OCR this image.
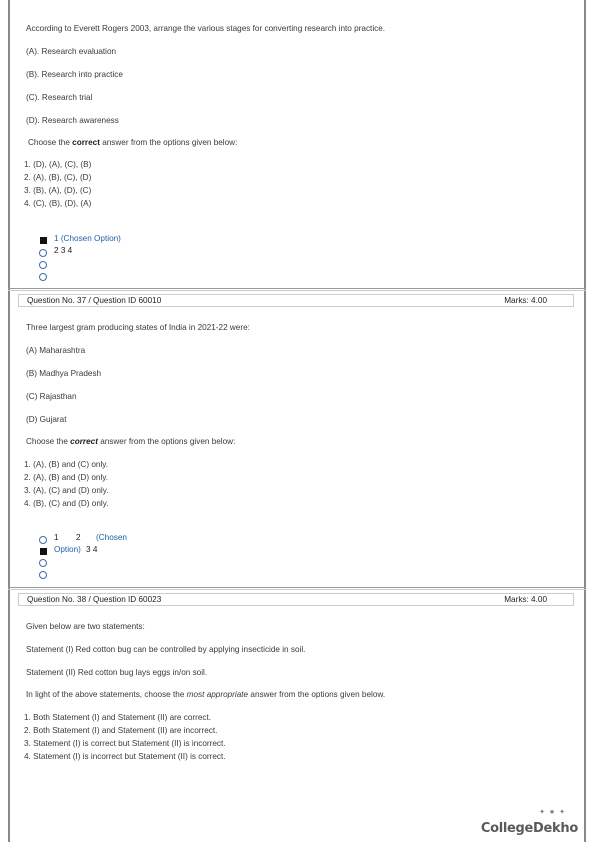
According to Everett Rogers 2003, arrange the various stages for converting research into practice.
(A). Research evaluation
(B). Research into practice
(C). Research trial
(D). Research awareness
Choose the correct answer from the options given below:
1. (D), (A), (C), (B)
2. (A), (B), (C), (D)
3. (B), (A), (D), (C)
4. (C), (B), (D), (A)
1 (Chosen Option)
2 3 4
Question No. 37 / Question ID 60010	Marks: 4.00
Three largest gram producing states of India in 2021-22 were:
(A) Maharashtra
(B) Madhya Pradesh
(C) Rajasthan
(D) Gujarat
Choose the correct answer from the options given below:
1. (A), (B) and (C) only.
2. (A), (B) and (D) only.
3. (A), (C) and (D) only.
4. (B), (C) and (D) only.
1 2 (Chosen
Option) 3 4
Question No. 38 / Question ID 60023	Marks: 4.00
Given below are two statements:
Statement (I) Red cotton bug can be controlled by applying insecticide in soil.
Statement (II) Red cotton bug lays eggs in/on soil.
In light of the above statements, choose the most appropriate answer from the options given below.
1. Both Statement (I) and Statement (II) are correct.
2. Both Statement (I) and Statement (II) are incorrect.
3. Statement (I) is correct but Statement (II) is incorrect.
4. Statement (I) is incorrect but Statement (II) is correct.
✦ ★ ✦
CollegeDekho
